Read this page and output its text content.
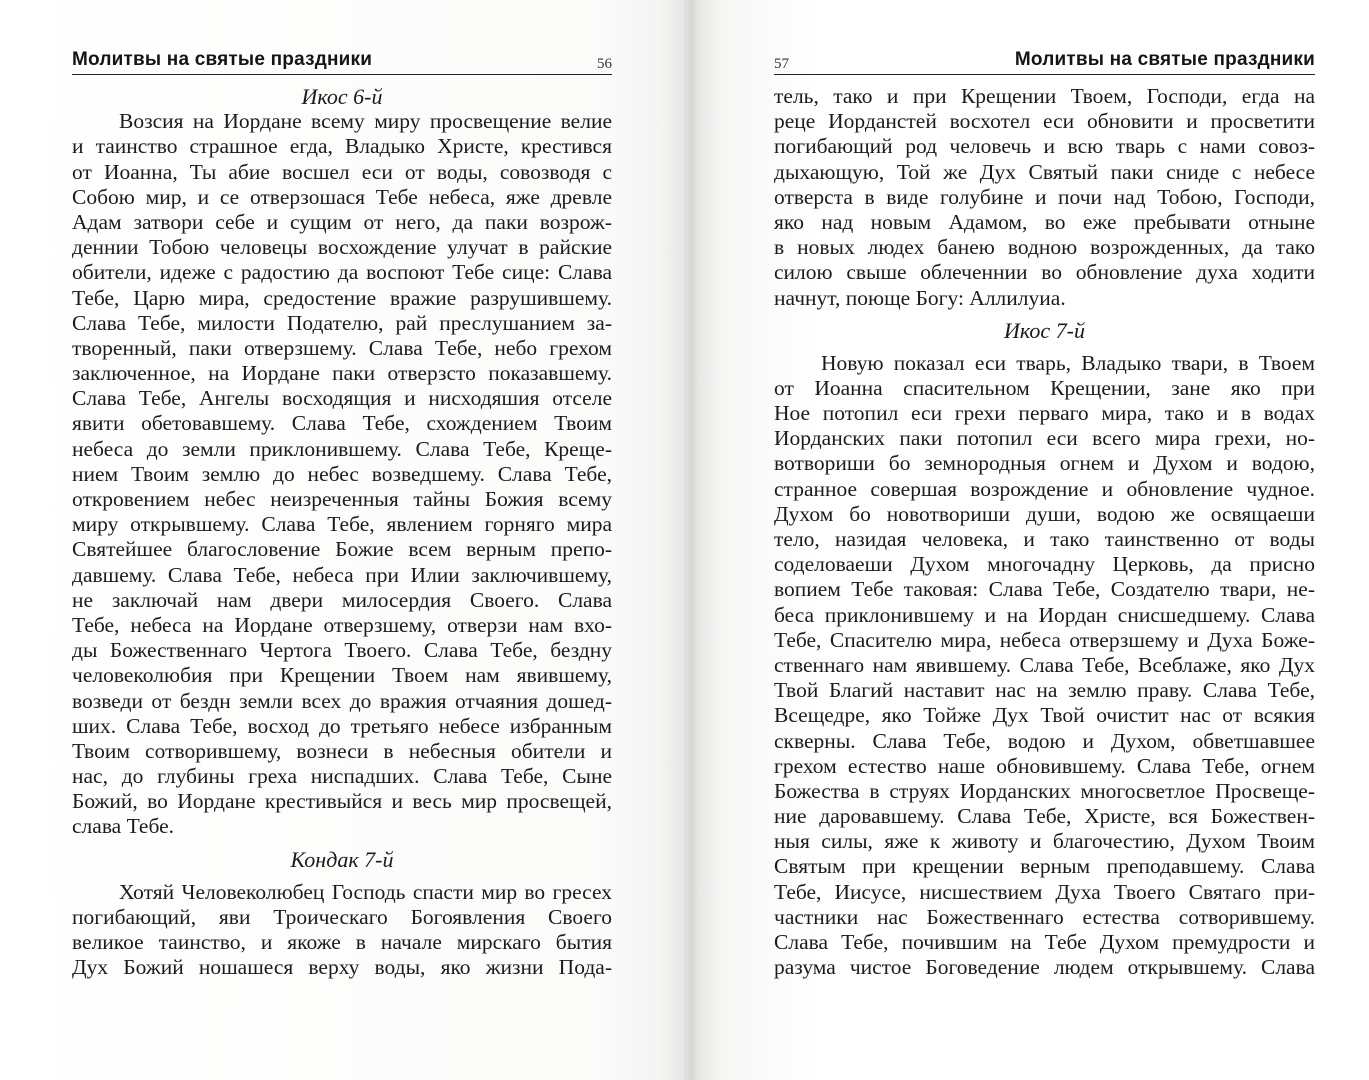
Молитвы на святые праздники	56
Икос 6-й
Возсия на Иордане всему миру просвещение велие
и таинство страшное егда, Владыко Христе, крестився
от Иоанна, Ты абие восшел еси от воды, совозводя с
Собою мир, и се отверзошася Тебе небеса, яже древле
Адам затвори себе и сущим от него, да паки возрож-
деннии Тобою человецы восхождение улучат в райские
обители, идеже с радостию да воспоют Тебе сице: Слава
Тебе, Царю мира, средостение вражие разрушившему.
Слава Тебе, милости Подателю, рай преслушанием за-
творенный, паки отверзшему. Слава Тебе, небо грехом
заключенное, на Иордане паки отверзсто показавшему.
Слава Тебе, Ангелы восходящия и нисходяшия отселе
явити обетовавшему. Слава Тебе, схождением Твоим
небеса до земли приклонившему. Слава Тебе, Креще-
нием Твоим землю до небес возведшему. Слава Тебе,
откровением небес неизреченныя тайны Божия всему
миру открывшему. Слава Тебе, явлением горняго мира
Святейшее благословение Божие всем верным препо-
давшему. Слава Тебе, небеса при Илии заключившему,
не заключай нам двери милосердия Своего. Слава
Тебе, небеса на Иордане отверзшему, отверзи нам вхо-
ды Божественнаго Чертога Твоего. Слава Тебе, бездну
человеколюбия при Крещении Твоем нам явившему,
возведи от бездн земли всех до вражия отчаяния дошед-
ших. Слава Тебе, восход до третьяго небесе избранным
Твоим сотворившему, вознеси в небесныя обители и
нас, до глубины греха ниспадших. Слава Тебе, Сыне
Божий, во Иордане крестивыйся и весь мир просвещей,
слава Тебе.
Кондак 7-й
Хотяй Человеколюбец Господь спасти мир во гресех
погибающий, яви Троическаго Богоявления Своего
великое таинство, и якоже в начале мирскаго бытия
Дух Божий ношашеся верху воды, яко жизни Пода-
57	Молитвы на святые праздники
тель, тако и при Крещении Твоем, Господи, егда на
реце Иорданстей восхотел еси обновити и просветити
погибающий род человечь и всю тварь с нами совоз-
дыхающую, Той же Дух Святый паки сниде с небесе
отверста в виде голубине и почи над Тобою, Господи,
яко над новым Адамом, во еже пребывати отныне
в новых людех банею водною возрожденных, да тако
силою свыше облеченнии во обновление духа ходити
начнут, поюще Богу: Аллилуиа.
Икос 7-й
Новую показал еси тварь, Владыко твари, в Твоем
от Иоанна спасительном Крещении, зане яко при
Ное потопил еси грехи перваго мира, тако и в водах
Иорданских паки потопил еси всего мира грехи, но-
вотвориши бо земнородныя огнем и Духом и водою,
странное совершая возрождение и обновление чудное.
Духом бо новотвориши души, водою же освящаеши
тело, назидая человека, и тако таинственно от воды
соделоваеши Духом многочадну Церковь, да присно
вопием Тебе таковая: Слава Тебе, Создателю твари, не-
беса приклонившему и на Иордан снисшедшему. Слава
Тебе, Спасителю мира, небеса отверзшему и Духа Боже-
ственнаго нам явившему. Слава Тебе, Всеблаже, яко Дух
Твой Благий наставит нас на землю праву. Слава Тебе,
Всещедре, яко Тойже Дух Твой очистит нас от всякия
скверны. Слава Тебе, водою и Духом, обветшавшее
грехом естество наше обновившему. Слава Тебе, огнем
Божества в струях Иорданских многосветлое Просвеще-
ние даровавшему. Слава Тебе, Христе, вся Божествен-
ныя силы, яже к животу и благочестию, Духом Твоим
Святым при крещении верным преподавшему. Слава
Тебе, Иисусе, нисшествием Духа Твоего Святаго при-
частники нас Божественнаго естества сотворившему.
Слава Тебе, почившим на Тебе Духом премудрости и
разума чистое Боговедение людем открывшему. Слава
